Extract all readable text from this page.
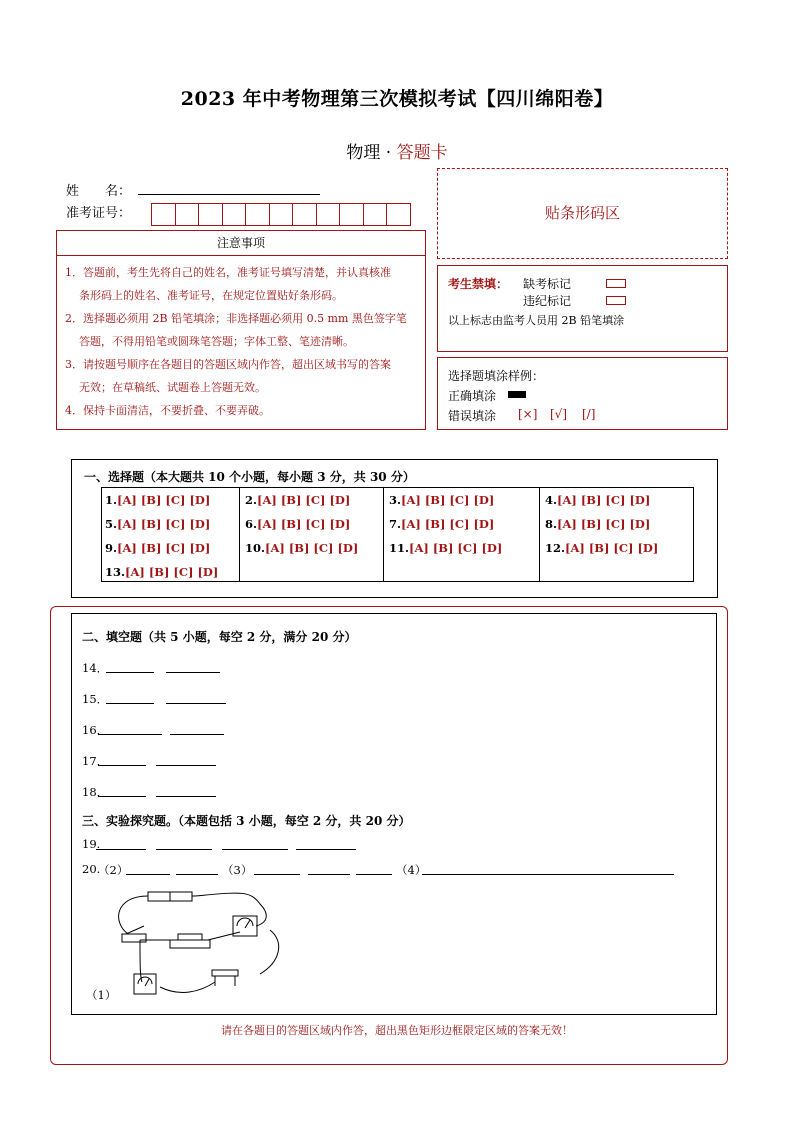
2023 年中考物理第三次模拟考试【四川绵阳卷】
物理 · 答题卡
姓　　名：
准考证号：
注意事项

1．答题前，考生先将自己的姓名，准考证号填写清楚，并认真核准

条形码上的姓名、准考证号，在规定位置贴好条形码。

2．选择题必须用 2B 铅笔填涂；非选择题必须用 0.5 mm 黑色签字笔

答题，不得用铅笔或圆珠笔答题；字体工整、笔迹清晰。

3．请按题号顺序在各题目的答题区域内作答，超出区域书写的答案

无效；在草稿纸、试题卷上答题无效。

4．保持卡面清洁，不要折叠、不要弄破。

贴条形码区
考生禁填： 缺考标记
违纪标记
以上标志由监考人员用 2B 铅笔填涂
选择题填涂样例：
正确填涂
错误填涂 [×] [√] [/]
一、选择题（本大题共 10 个小题，每小题 3 分，共 30 分）
1.[A] [B] [C] [D]	2.[A] [B] [C] [D]	3.[A] [B] [C] [D]	4.[A] [B] [C] [D]
5.[A] [B] [C] [D]	6.[A] [B] [C] [D]	7.[A] [B] [C] [D]	8.[A] [B] [C] [D]
9.[A] [B] [C] [D]	10.[A] [B] [C] [D]	11.[A] [B] [C] [D]	12.[A] [B] [C] [D]
13.[A] [B] [C] [D]
二、填空题（共 5 小题，每空 2 分，满分 20 分）
14．
15．
16．
17．
18．
三、实验探究题。（本题包括 3 小题，每空 2 分，共 20 分）
19.
20.
（2）	（3）	（4）
（1）
请在各题目的答题区域内作答，超出黑色矩形边框限定区域的答案无效！
